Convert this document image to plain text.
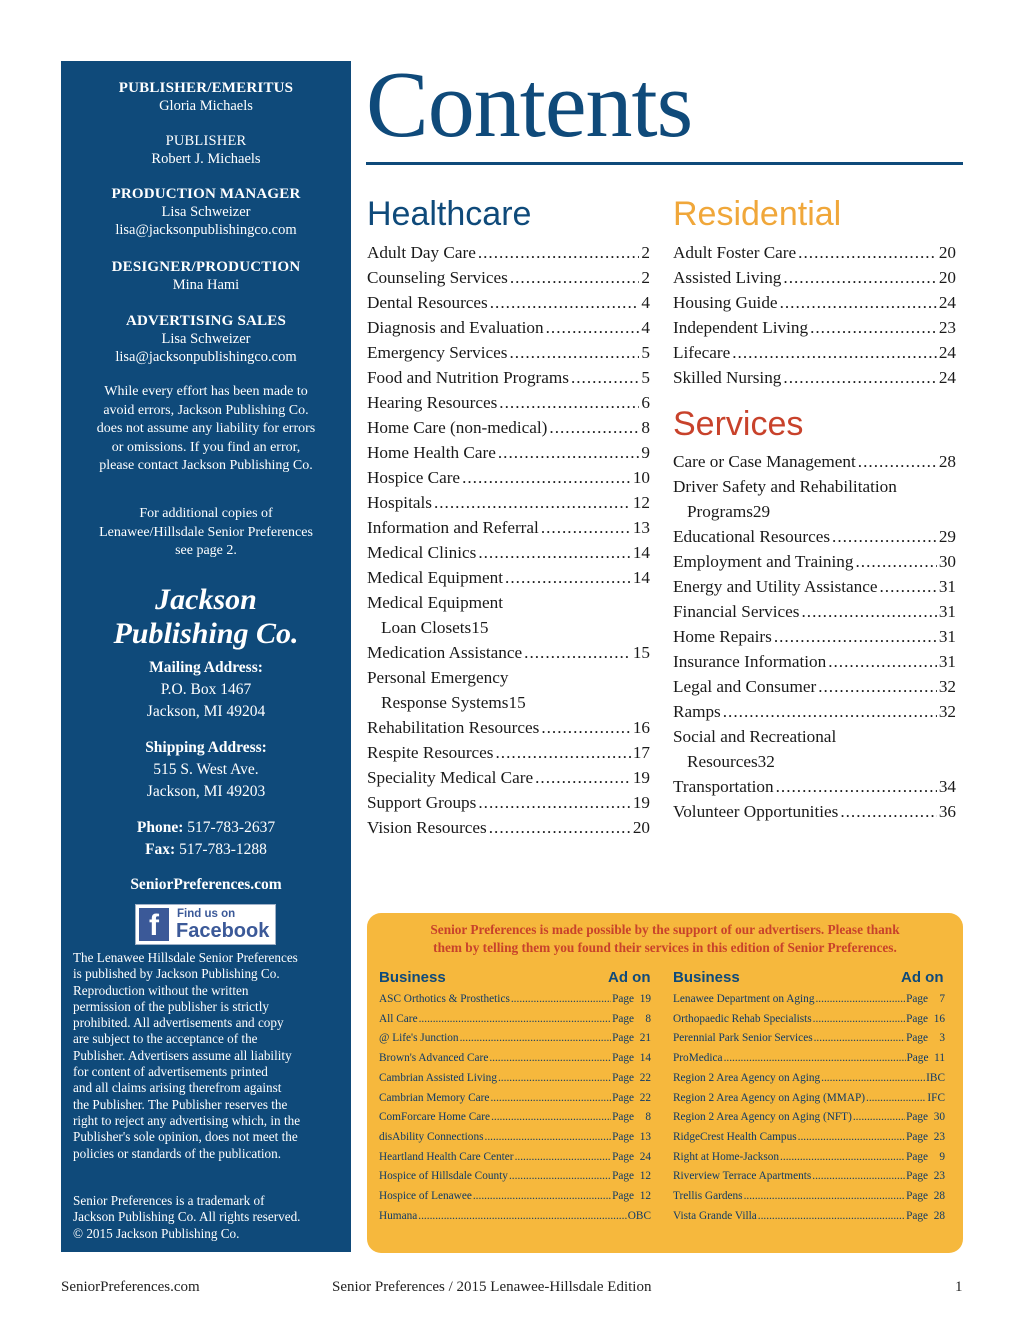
PUBLISHER/EMERITUS
Gloria Michaels
PUBLISHER
Robert J. Michaels
PRODUCTION MANAGER
Lisa Schweizer
lisa@jacksonpublishingco.com
DESIGNER/PRODUCTION
Mina Hami
ADVERTISING SALES
Lisa Schweizer
lisa@jacksonpublishingco.com
While every effort has been made to
avoid errors, Jackson Publishing Co.
does not assume any liability for errors
or omissions. If you find an error,
please contact Jackson Publishing Co.
For additional copies of
Lenawee/Hillsdale Senior Preferences
see page 2.
Jackson
Publishing Co.
Mailing Address:
P.O. Box 1467
Jackson, MI 49204
Shipping Address:
515 S. West Ave.
Jackson, MI 49203
Phone: 517-783-2637
Fax: 517-783-1288
SeniorPreferences.com
f	Find us on
Facebook
The Lenawee Hillsdale Senior Preferences
is published by Jackson Publishing Co.
Reproduction without the written
permission of the publisher is strictly
prohibited. All advertisements and copy
are subject to the acceptance of the
Publisher. Advertisers assume all liability
for content of advertisements printed
and all claims arising therefrom against
the Publisher. The Publisher reserves the
right to reject any advertising which, in the
Publisher's sole opinion, does not meet the
policies or standards of the publication.
Senior Preferences is a trademark of
Jackson Publishing Co. All rights reserved.
© 2015 Jackson Publishing Co.
Contents
Healthcare	Residential
Services
Adult Day Care .....	2
Counseling Services .....	2
Dental Resources .....	4
Diagnosis and Evaluation .....	4
Emergency Services .....	5
Food and Nutrition Programs .....	5
Hearing Resources .....	6
Home Care (non-medical) .....	8
Home Health Care .....	9
Hospice Care .....	10
Hospitals .....	12
Information and Referral .....	13
Medical Clinics .....	14
Medical Equipment .....	14
Medical Equipment
Loan Closets 15
Medication Assistance .....	15
Personal Emergency
Response Systems 15
Rehabilitation Resources .....	16
Respite Resources .....	17
Speciality Medical Care .....	19
Support Groups .....	19
Vision Resources .....	20
Adult Foster Care .....	20
Assisted Living .....	20
Housing Guide .....	24
Independent Living .....	23
Lifecare .....	24
Skilled Nursing .....	24
Care or Case Management .....	28
Driver Safety and Rehabilitation
Programs 29
Educational Resources .....	29
Employment and Training .....	30
Energy and Utility Assistance .....	31
Financial Services .....	31
Home Repairs .....	31
Insurance Information .....	31
Legal and Consumer .....	32
Ramps .....	32
Social and Recreational
Resources 32
Transportation .....	34
Volunteer Opportunities .....	36
Senior Preferences is made possible by the support of our advertisers. Please thank
them by telling them you found their services in this edition of Senior Preferences.
Business	Ad on Business	Ad on
ASC Orthotics & Prosthetics .....	Page  19
All Care .....	Page    8
@ Life's Junction .....	Page  21
Brown's Advanced Care .....	Page  14
Cambrian Assisted Living .....	Page  22
Cambrian Memory Care .....	Page  22
ComForcare Home Care .....	Page    8
disAbility Connections .....	Page  13
Heartland Health Care Center .....	Page  24
Hospice of Hillsdale County .....	Page  12
Hospice of Lenawee .....	Page  12
Humana .....	OBC
Lenawee Department on Aging .....	Page    7
Orthopaedic Rehab Specialists .....	Page  16
Perennial Park Senior Services .....	Page    3
ProMedica .....	Page  11
Region 2 Area Agency on Aging .....	IBC
Region 2 Area Agency on Aging (MMAP) .....	IFC
Region 2 Area Agency on Aging (NFT) .....	Page  30
RidgeCrest Health Campus .....	Page  23
Right at Home-Jackson .....	Page    9
Riverview Terrace Apartments .....	Page  23
Trellis Gardens .....	Page  28
Vista Grande Villa .....	Page  28
SeniorPreferences.com	Senior Preferences / 2015 Lenawee-Hillsdale Edition	1
